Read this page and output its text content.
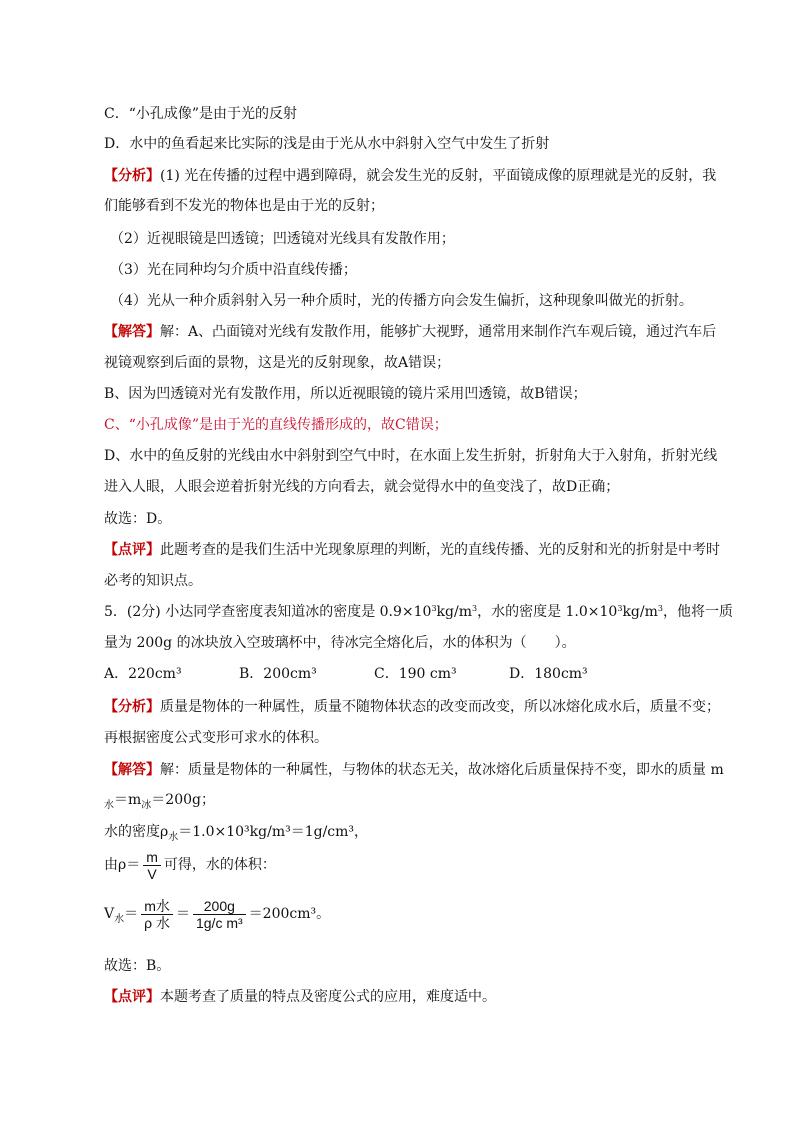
C．“小孔成像”是由于光的反射
D．水中的鱼看起来比实际的浅是由于光从水中斜射入空气中发生了折射
【分析】(1) 光在传播的过程中遇到障碍，就会发生光的反射，平面镜成像的原理就是光的反射，我
们能够看到不发光的物体也是由于光的反射；
（2）近视眼镜是凹透镜；凹透镜对光线具有发散作用；
（3）光在同种均匀介质中沿直线传播；
（4）光从一种介质斜射入另一种介质时，光的传播方向会发生偏折，这种现象叫做光的折射。
【解答】解：A、凸面镜对光线有发散作用，能够扩大视野，通常用来制作汽车观后镜，通过汽车后
视镜观察到后面的景物，这是光的反射现象，故A错误；
B、因为凹透镜对光有发散作用，所以近视眼镜的镜片采用凹透镜，故B错误；
C、“小孔成像”是由于光的直线传播形成的，故C错误；
D、水中的鱼反射的光线由水中斜射到空气中时，在水面上发生折射，折射角大于入射角，折射光线
进入人眼，人眼会逆着折射光线的方向看去，就会觉得水中的鱼变浅了，故D正确；
故选：D。
【点评】此题考查的是我们生活中光现象原理的判断，光的直线传播、光的反射和光的折射是中考时
必考的知识点。
5．(2分) 小达同学查密度表知道冰的密度是 $0.9\times 10^3kg/m^3$，水的密度是 $1.0\times 10^3kg/m^3$，他将一质
量为 200g 的冰块放入空玻璃杯中，待冰完全熔化后，水的体积为（　　）。
A．220cm³	B．200cm³	C．190 cm³	D．180cm³
【分析】质量是物体的一种属性，质量不随物体状态的改变而改变，所以冰熔化成水后，质量不变；
再根据密度公式变形可求水的体积。
【解答】解：质量是物体的一种属性，与物体的状态无关，故冰熔化后质量保持不变，即水的质量 m
$_水=m_冰=200g$；
水的密度$\rho_水=1.0\times 10^3kg/m^3=1g$/cm³，
由$\rho= \frac{m}{V}$ 可得，水的体积：
$V_水= \frac{\text{m水}}{\text{ρ 水}} = \frac{200g}{\text{1g/c m³}} =200cm^3$。
故选：B。
【点评】本题考查了质量的特点及密度公式的应用，难度适中。
